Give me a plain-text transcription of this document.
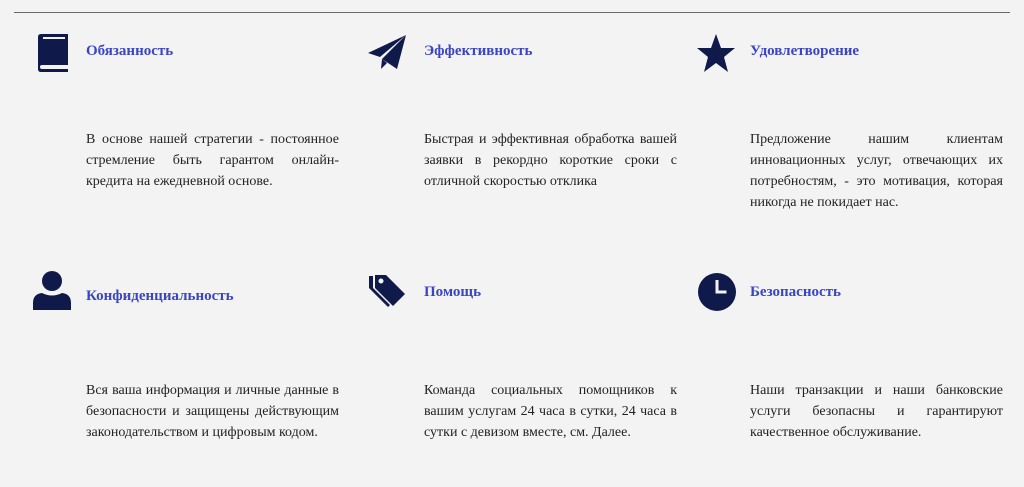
Обязанность
В основе нашей стратегии - постоянное стремление быть гарантом онлайн-кредита на ежедневной основе.
Эффективность
Быстрая и эффективная обработка вашей заявки в рекордно короткие сроки с отличной скоростью отклика
Удовлетворение
Предложение нашим клиентам инновационных услуг, отвечающих их потребностям, - это мотивация, которая никогда не покидает нас.
Конфиденциальность
Вся ваша информация и личные данные в безопасности и защищены действующим законодательством и цифровым кодом.
Помощь
Команда социальных помощников к вашим услугам 24 часа в сутки, 24 часа в сутки с девизом вместе, см. Далее.
Безопасность
Наши транзакции и наши банковские услуги безопасны и гарантируют качественное обслуживание.
